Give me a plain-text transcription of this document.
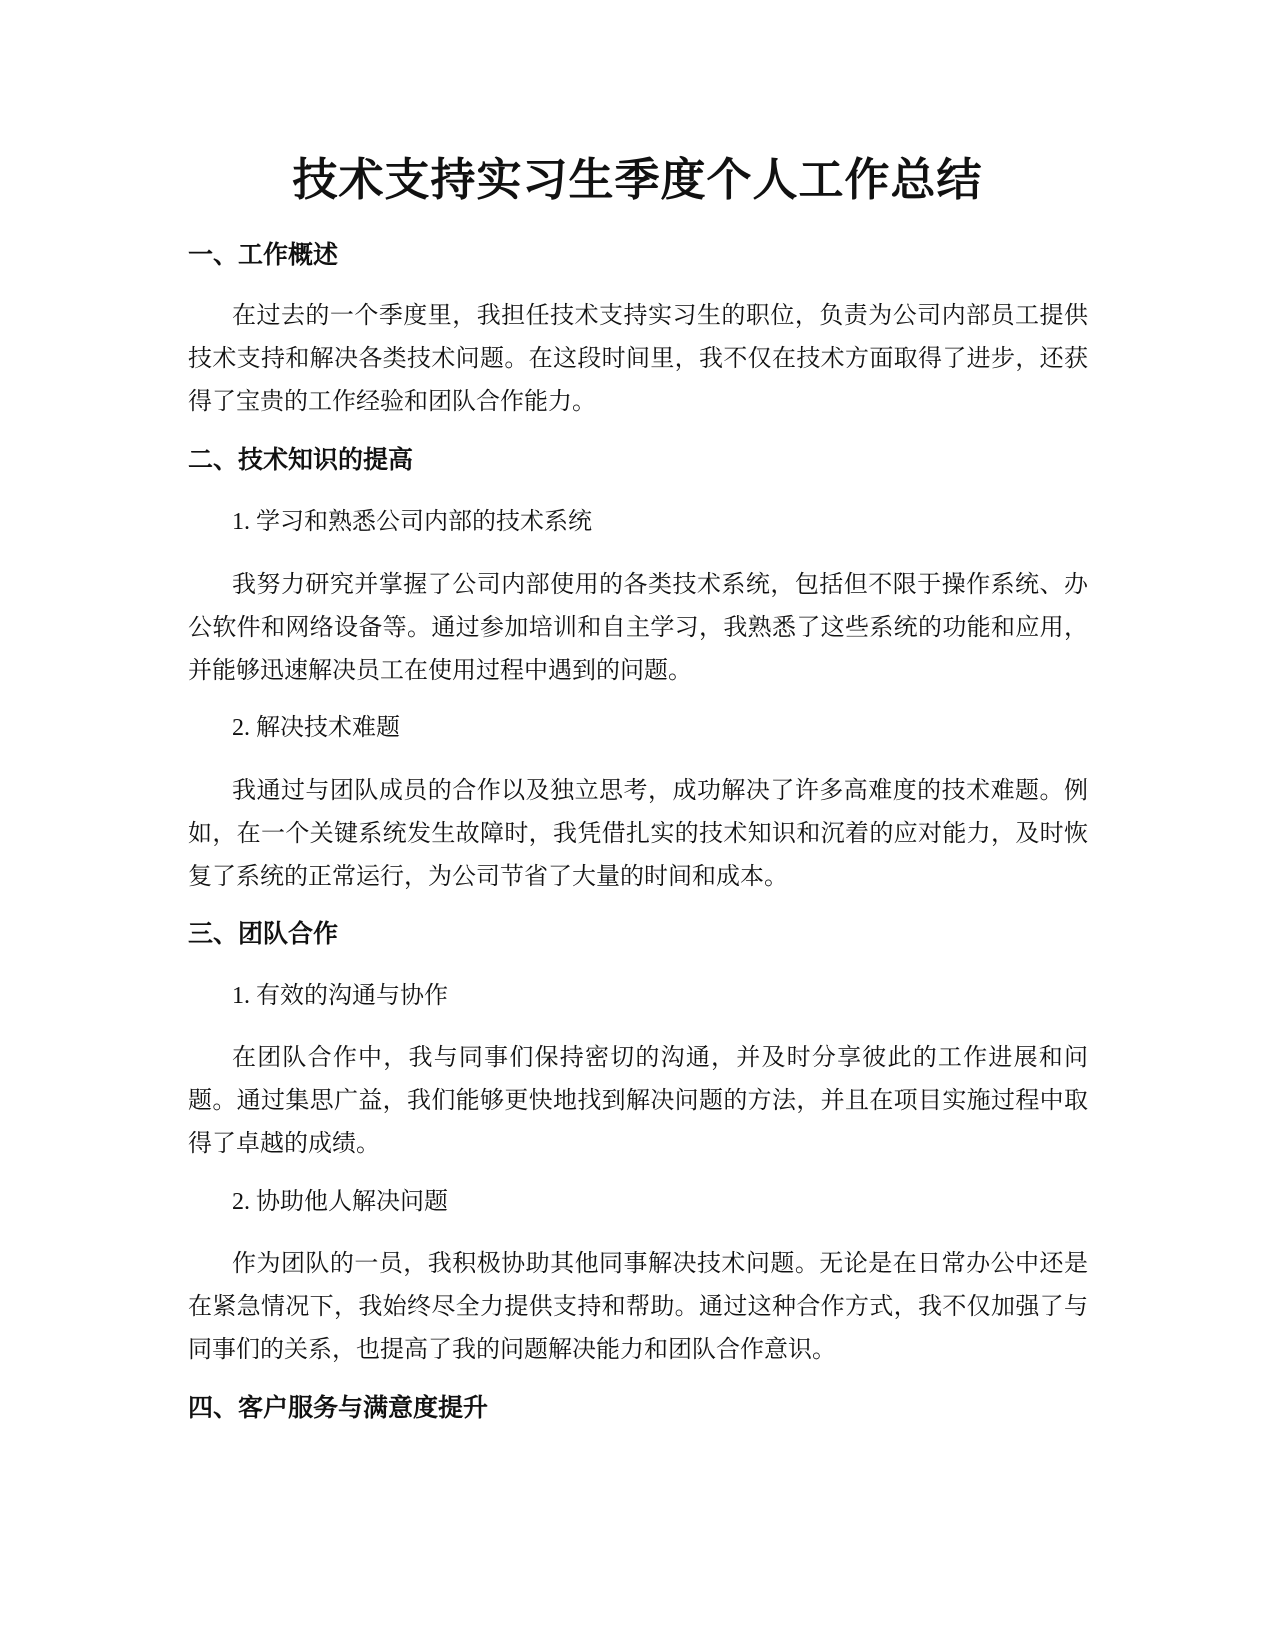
技术支持实习生季度个人工作总结
一、工作概述

在过去的一个季度里，我担任技术支持实习生的职位，负责为公司内部员工提供技术支持和解决各类技术问题。在这段时间里，我不仅在技术方面取得了进步，还获得了宝贵的工作经验和团队合作能力。

二、技术知识的提高

1. 学习和熟悉公司内部的技术系统

我努力研究并掌握了公司内部使用的各类技术系统，包括但不限于操作系统、办公软件和网络设备等。通过参加培训和自主学习，我熟悉了这些系统的功能和应用，并能够迅速解决员工在使用过程中遇到的问题。

2. 解决技术难题

我通过与团队成员的合作以及独立思考，成功解决了许多高难度的技术难题。例如，在一个关键系统发生故障时，我凭借扎实的技术知识和沉着的应对能力，及时恢复了系统的正常运行，为公司节省了大量的时间和成本。

三、团队合作

1. 有效的沟通与协作

在团队合作中，我与同事们保持密切的沟通，并及时分享彼此的工作进展和问题。通过集思广益，我们能够更快地找到解决问题的方法，并且在项目实施过程中取得了卓越的成绩。

2. 协助他人解决问题

作为团队的一员，我积极协助其他同事解决技术问题。无论是在日常办公中还是在紧急情况下，我始终尽全力提供支持和帮助。通过这种合作方式，我不仅加强了与同事们的关系，也提高了我的问题解决能力和团队合作意识。

四、客户服务与满意度提升
